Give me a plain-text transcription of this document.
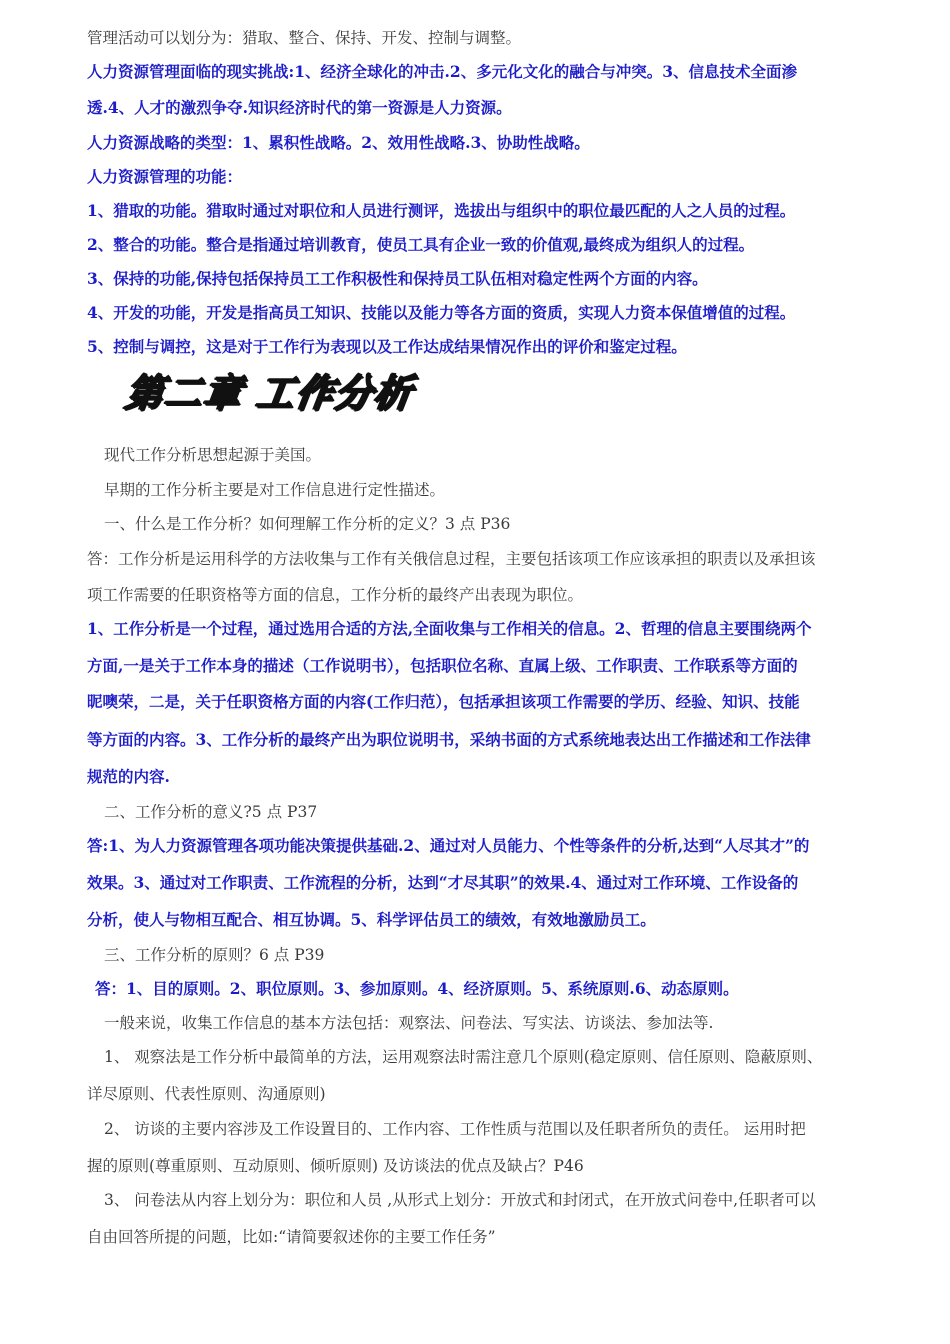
管理活动可以划分为：猎取、整合、保持、开发、控制与调整。
人力资源管理面临的现实挑战:1、经济全球化的冲击.2、多元化文化的融合与冲突。3、信息技术全面渗
透.4、人才的激烈争夺.知识经济时代的第一资源是人力资源。
人力资源战略的类型：1、累积性战略。2、效用性战略.3、协助性战略。
人力资源管理的功能：
1、猎取的功能。猎取时通过对职位和人员进行测评，选拔出与组织中的职位最匹配的人之人员的过程。
2、整合的功能。整合是指通过培训教育，使员工具有企业一致的价值观,最终成为组织人的过程。
3、保持的功能,保持包括保持员工工作积极性和保持员工队伍相对稳定性两个方面的内容。
4、开发的功能，开发是指高员工知识、技能以及能力等各方面的资质，实现人力资本保值增值的过程。
5、控制与调控，这是对于工作行为表现以及工作达成结果情况作出的评价和鉴定过程。
第二章 工作分析
现代工作分析思想起源于美国。
早期的工作分析主要是对工作信息进行定性描述。
一、什么是工作分析？如何理解工作分析的定义？3 点 P36
答：工作分析是运用科学的方法收集与工作有关俄信息过程，主要包括该项工作应该承担的职责以及承担该
项工作需要的任职资格等方面的信息，工作分析的最终产出表现为职位。
1、工作分析是一个过程，通过选用合适的方法,全面收集与工作相关的信息。2、哲理的信息主要围绕两个
方面,一是关于工作本身的描述（工作说明书），包括职位名称、直属上级、工作职责、工作联系等方面的
昵噢荣，二是，关于任职资格方面的内容(工作归范），包括承担该项工作需要的学历、经验、知识、技能
等方面的内容。3、工作分析的最终产出为职位说明书，采纳书面的方式系统地表达出工作描述和工作法律
规范的内容.
二、工作分析的意义?5 点 P37
答:1、为人力资源管理各项功能决策提供基础.2、通过对人员能力、个性等条件的分析,达到“人尽其才”的
效果。3、通过对工作职责、工作流程的分析，达到“才尽其职”的效果.4、通过对工作环境、工作设备的
分析，使人与物相互配合、相互协调。5、科学评估员工的绩效，有效地激励员工。
三、工作分析的原则？6 点 P39
答：1、目的原则。2、职位原则。3、参加原则。4、经济原则。5、系统原则.6、动态原则。
一般来说，收集工作信息的基本方法包括：观察法、问卷法、写实法、访谈法、参加法等.
1、 观察法是工作分析中最简单的方法，运用观察法时需注意几个原则(稳定原则、信任原则、隐蔽原则、
详尽原则、代表性原则、沟通原则)
2、 访谈的主要内容涉及工作设置目的、工作内容、工作性质与范围以及任职者所负的责任。 运用时把
握的原则(尊重原则、互动原则、倾听原则) 及访谈法的优点及缺占？P46
3、 问卷法从内容上划分为：职位和人员 ,从形式上划分：开放式和封闭式，在开放式问卷中,任职者可以
自由回答所提的问题，比如:“请简要叙述你的主要工作任务”
